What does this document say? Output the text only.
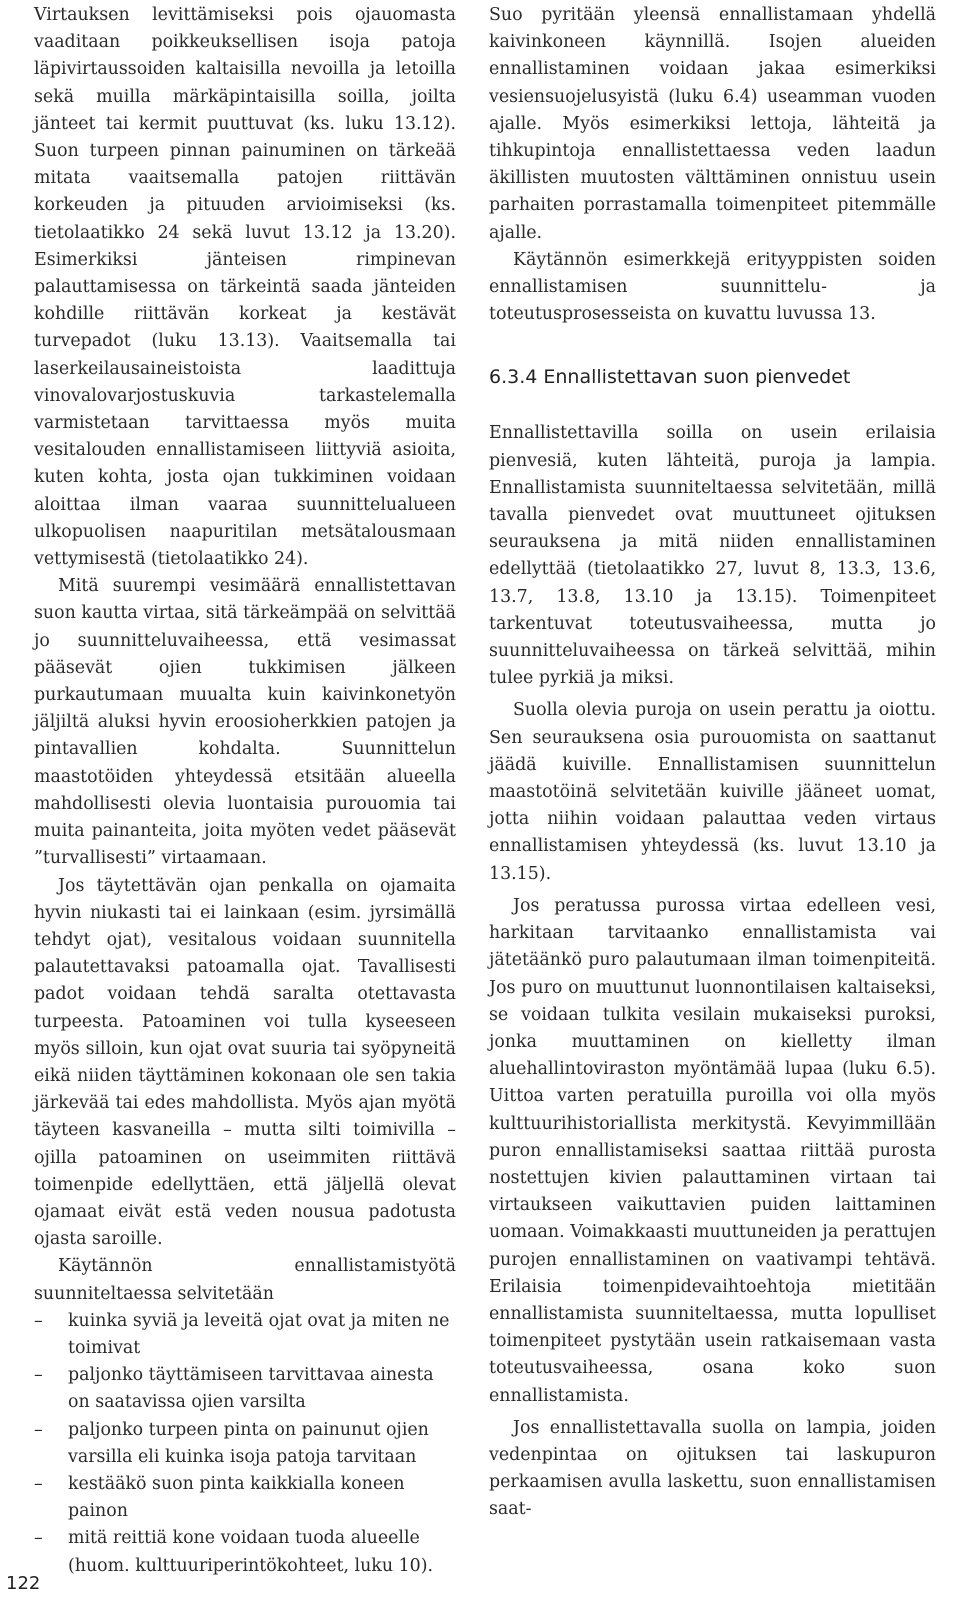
Virtauksen levittämiseksi pois ojauomasta vaaditaan poikkeuksellisen isoja patoja läpivirtaussoiden kaltaisilla nevoilla ja letoilla sekä muilla märkäpintaisilla soilla, joilta jänteet tai kermit puuttuvat (ks. luku 13.12). Suon turpeen pinnan painuminen on tärkeää mitata vaaitsemalla patojen riittävän korkeuden ja pituuden arvioimiseksi (ks. tietolaatikko 24 sekä luvut 13.12 ja 13.20). Esimerkiksi jänteisen rimpinevan palauttamisessa on tärkeintä saada jänteiden kohdille riittävän korkeat ja kestävät turvepadot (luku 13.13). Vaaitsemalla tai laserkeilausaineistoista laadittuja vinovalovarjostuskuvia tarkastelemalla varmistetaan tarvittaessa myös muita vesitalouden ennallistamiseen liittyviä asioita, kuten kohta, josta ojan tukkiminen voidaan aloittaa ilman vaaraa suunnittelualueen ulkopuolisen naapuritilan metsätalousmaan vettymisestä (tietolaatikko 24).

Mitä suurempi vesimäärä ennallistettavan suon kautta virtaa, sitä tärkeämpää on selvittää jo suunnitteluvaiheessa, että vesimassat pääsevät ojien tukkimisen jälkeen purkautumaan muualta kuin kaivinkonetyön jäljiltä aluksi hyvin eroosioherkkien patojen ja pintavallien kohdalta. Suunnittelun maastotöiden yhteydessä etsitään alueella mahdollisesti olevia luontaisia purouomia tai muita painanteita, joita myöten vedet pääsevät ”turvallisesti” virtaamaan.

Jos täytettävän ojan penkalla on ojamaita hyvin niukasti tai ei lainkaan (esim. jyrsimällä tehdyt ojat), vesitalous voidaan suunnitella palautettavaksi patoamalla ojat. Tavallisesti padot voidaan tehdä saralta otettavasta turpeesta. Patoaminen voi tulla kyseeseen myös silloin, kun ojat ovat suuria tai syöpyneitä eikä niiden täyttäminen kokonaan ole sen takia järkevää tai edes mahdollista. Myös ajan myötä täyteen kasvaneilla – mutta silti toimivilla – ojilla patoaminen on useimmiten riittävä toimenpide edellyttäen, että jäljellä olevat ojamaat eivät estä veden nousua padotusta ojasta saroille.

Käytännön ennallistamistyötä suunniteltaessa selvitetään

– kuinka syviä ja leveitä ojat ovat ja miten ne toimivat
– paljonko täyttämiseen tarvittavaa ainesta on saatavissa ojien varsilta
– paljonko turpeen pinta on painunut ojien varsilla eli kuinka isoja patoja tarvitaan
– kestääkö suon pinta kaikkialla koneen painon
– mitä reittiä kone voidaan tuoda alueelle (huom. kulttuuriperintökohteet, luku 10).

Suo pyritään yleensä ennallistamaan yhdellä kaivinkoneen käynnillä. Isojen alueiden ennallistaminen voidaan jakaa esimerkiksi vesiensuojelusyistä (luku 6.4) useamman vuoden ajalle. Myös esimerkiksi lettoja, lähteitä ja tihkupintoja ennallistettaessa veden laadun äkillisten muutosten välttäminen onnistuu usein parhaiten porrastamalla toimenpiteet pitemmälle ajalle.

Käytännön esimerkkejä erityyppisten soiden ennallistamisen suunnittelu- ja toteutusprosesseista on kuvattu luvussa 13.

6.3.4 Ennallistettavan suon pienvedet

Ennallistettavilla soilla on usein erilaisia pienvesiä, kuten lähteitä, puroja ja lampia. Ennallistamista suunniteltaessa selvitetään, millä tavalla pienvedet ovat muuttuneet ojituksen seurauksena ja mitä niiden ennallistaminen edellyttää (tietolaatikko 27, luvut 8, 13.3, 13.6, 13.7, 13.8, 13.10 ja 13.15). Toimenpiteet tarkentuvat toteutusvaiheessa, mutta jo suunnitteluvaiheessa on tärkeä selvittää, mihin tulee pyrkiä ja miksi.

Suolla olevia puroja on usein perattu ja oiottu. Sen seurauksena osia purouomista on saattanut jäädä kuiville. Ennallistamisen suunnittelun maastotöinä selvitetään kuiville jääneet uomat, jotta niihin voidaan palauttaa veden virtaus ennallistamisen yhteydessä (ks. luvut 13.10 ja 13.15).

Jos peratussa purossa virtaa edelleen vesi, harkitaan tarvitaanko ennallistamista vai jätetäänkö puro palautumaan ilman toimenpiteitä. Jos puro on muuttunut luonnontilaisen kaltaiseksi, se voidaan tulkita vesilain mukaiseksi puroksi, jonka muuttaminen on kielletty ilman aluehallintoviraston myöntämää lupaa (luku 6.5). Uittoa varten peratuilla puroilla voi olla myös kulttuurihistoriallista merkitystä. Kevyimmillään puron ennallistamiseksi saattaa riittää purosta nostettujen kivien palauttaminen virtaan tai virtaukseen vaikuttavien puiden laittaminen uomaan. Voimakkaasti muuttuneiden ja perattujen purojen ennallistaminen on vaativampi tehtävä. Erilaisia toimenpidevaihtoehtoja mietitään ennallistamista suunniteltaessa, mutta lopulliset toimenpiteet pystytään usein ratkaisemaan vasta toteutusvaiheessa, osana koko suon ennallistamista.

Jos ennallistettavalla suolla on lampia, joiden vedenpintaa on ojituksen tai laskupuron perkaamisen avulla laskettu, suon ennallistamisen saat-

122
